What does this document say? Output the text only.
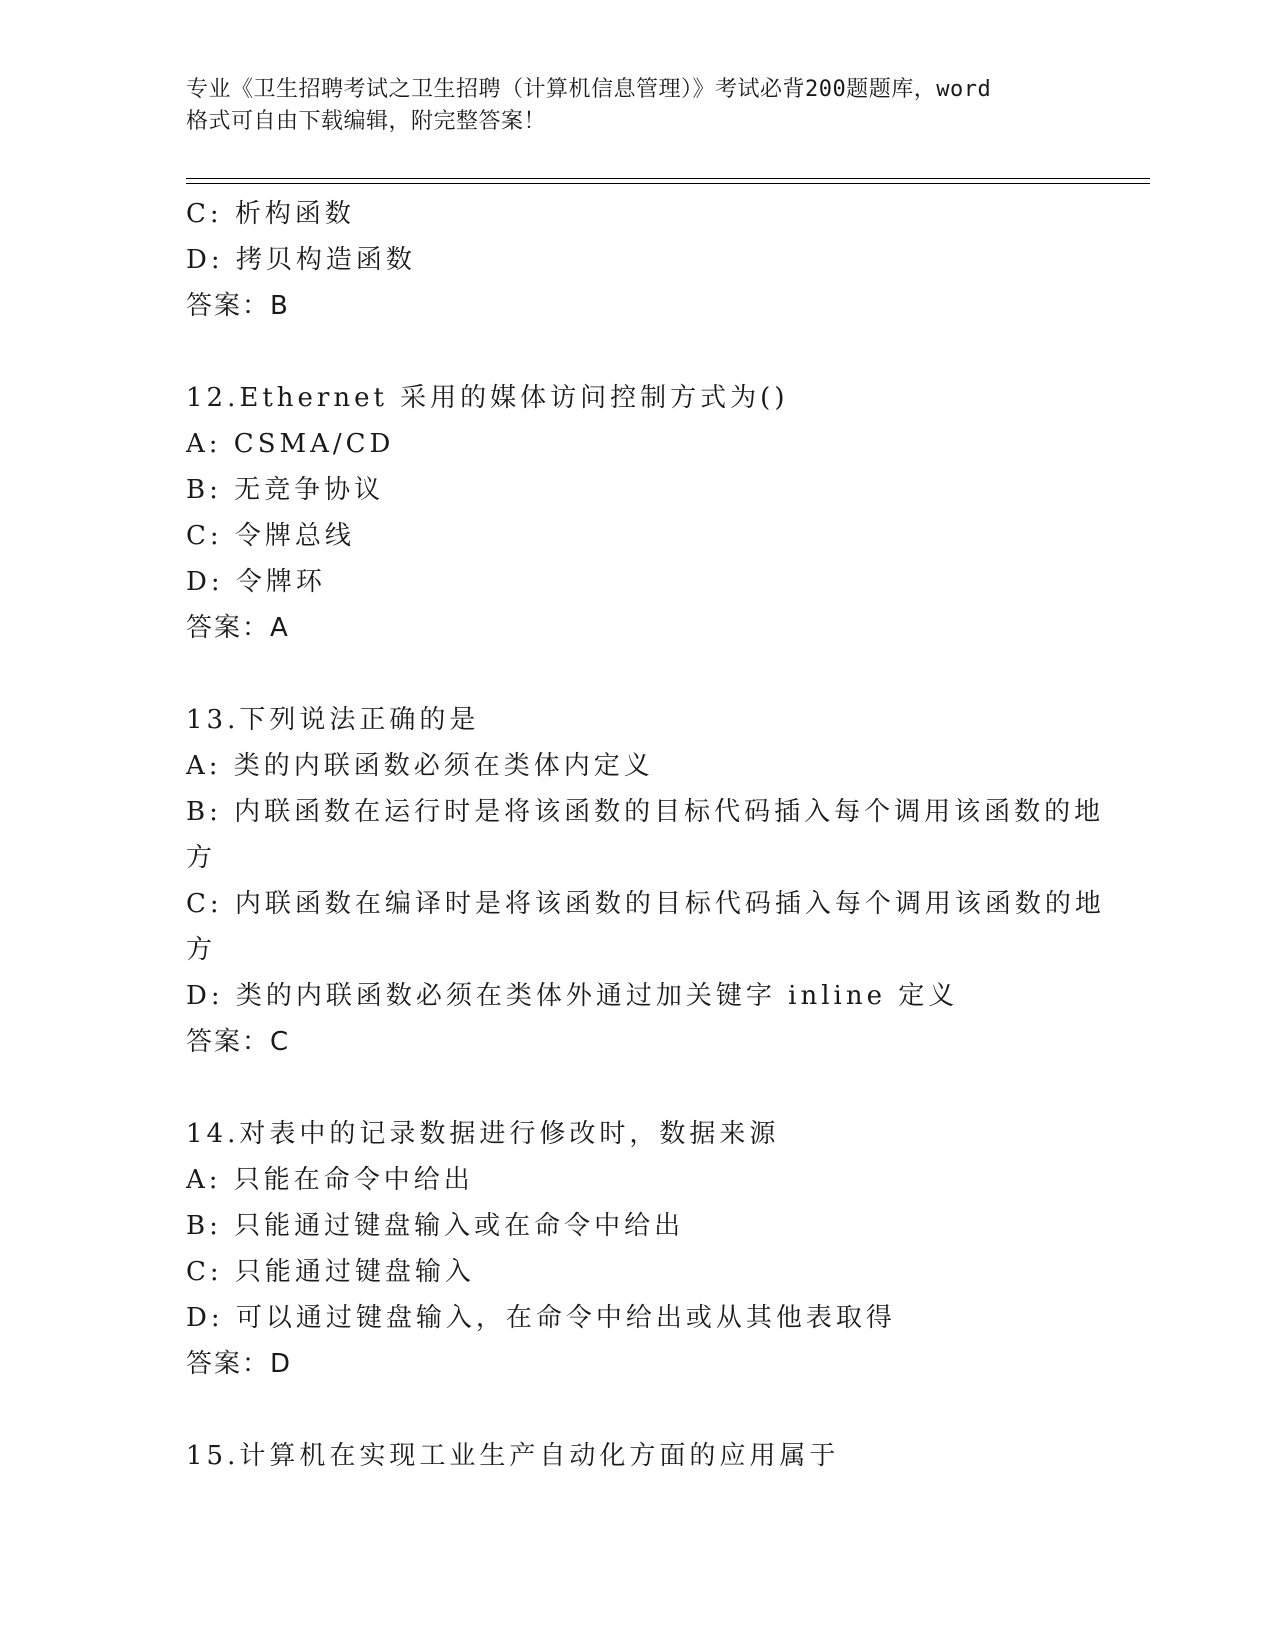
专业《卫生招聘考试之卫生招聘（计算机信息管理）》考试必背200题题库，word
格式可自由下载编辑，附完整答案！
C: 析构函数
D: 拷贝构造函数
答案：B
12.Ethernet 采用的媒体访问控制方式为()
A: CSMA/CD
B: 无竞争协议
C: 令牌总线
D: 令牌环
答案：A
13.下列说法正确的是
A: 类的内联函数必须在类体内定义
B: 内联函数在运行时是将该函数的目标代码插入每个调用该函数的地
方
C: 内联函数在编译时是将该函数的目标代码插入每个调用该函数的地
方
D: 类的内联函数必须在类体外通过加关键字 inline 定义
答案：C
14.对表中的记录数据进行修改时，数据来源
A: 只能在命令中给出
B: 只能通过键盘输入或在命令中给出
C: 只能通过键盘输入
D: 可以通过键盘输入，在命令中给出或从其他表取得
答案：D
15.计算机在实现工业生产自动化方面的应用属于
